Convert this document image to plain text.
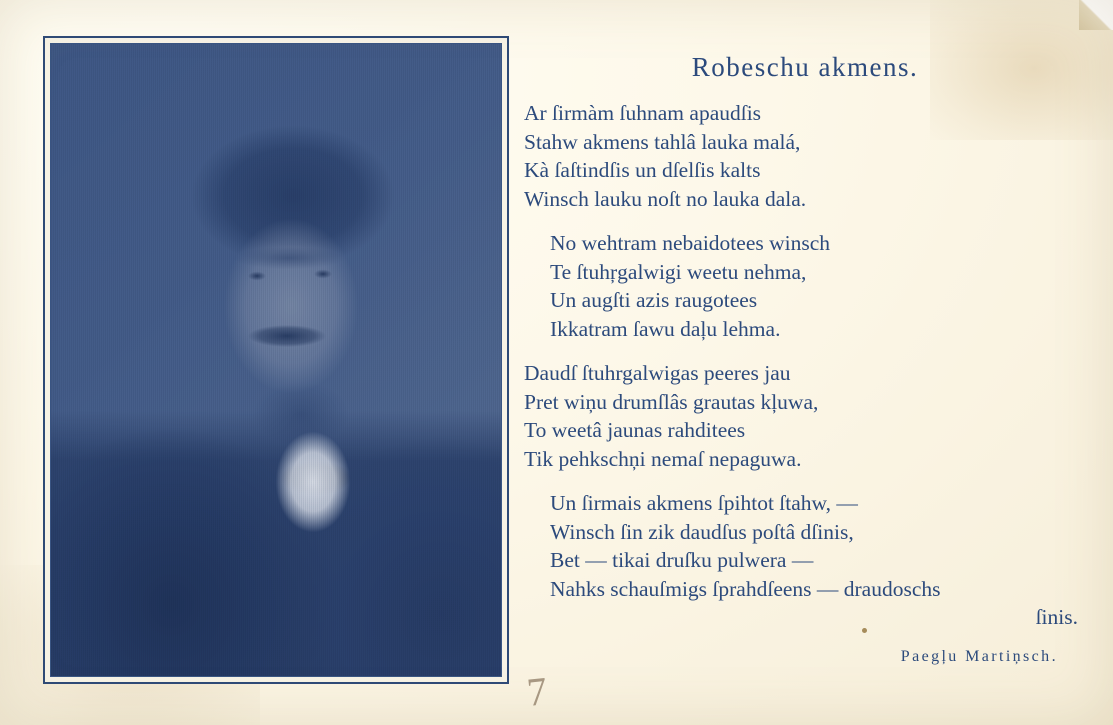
Robeschu akmens.
Ar ſirmàm ſuhnam apaudſis
Stahw akmens tahlâ lauka malá,
Kà ſaſtindſis un dſelſis kalts
Winsch lauku noſt no lauka dala.
No wehtram nebaidotees winsch
Te ſtuhŗgalwigi weetu nehma,
Un augſti azis raugotees
Ikkatram ſawu daļu lehma.
Daudſ ſtuhrgalwigas peeres jau
Pret wiņu drumſlâs grautas kļuwa,
To weetâ jaunas rahditees
Tik pehkschņi nemaſ nepaguwa.
Un ſirmais akmens ſpihtot ſtahw, —
Winsch ſin zik daudſus poſtâ dſinis,
Bet — tikai druſku pulwera —
Nahks schauſmigs ſprahdſeens — draudoschs
ſinis.
Paegļu Martiņsch.
7
